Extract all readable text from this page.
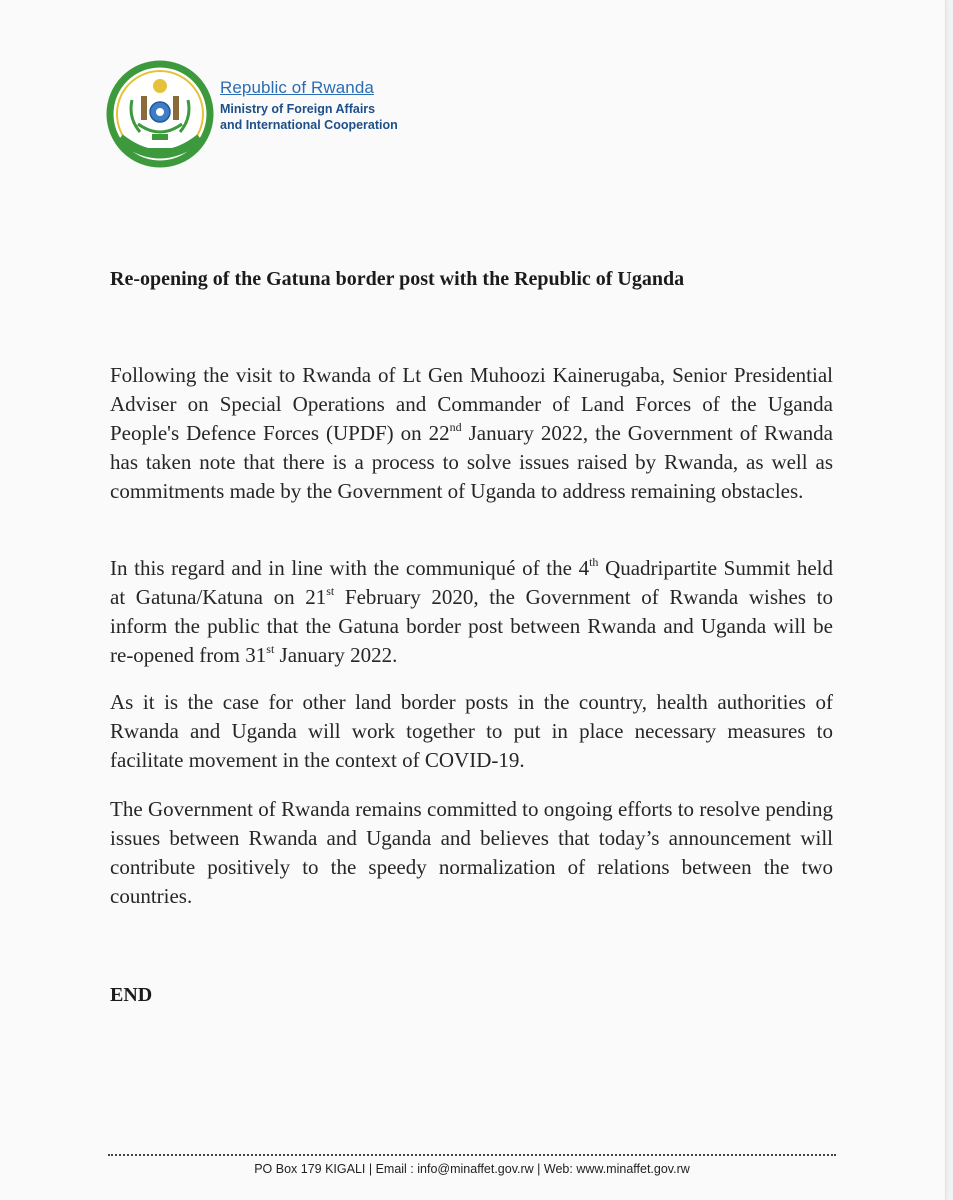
Republic of Rwanda
Ministry of Foreign Affairs
and International Cooperation
Re-opening of the Gatuna border post with the Republic of Uganda

Following the visit to Rwanda of Lt Gen Muhoozi Kainerugaba, Senior Presidential Adviser on Special Operations and Commander of Land Forces of the Uganda People's Defence Forces (UPDF) on 22nd January 2022, the Government of Rwanda has taken note that there is a process to solve issues raised by Rwanda, as well as commitments made by the Government of Uganda to address remaining obstacles.

In this regard and in line with the communiqué of the 4th Quadripartite Summit held at Gatuna/Katuna on 21st February 2020, the Government of Rwanda wishes to inform the public that the Gatuna border post between Rwanda and Uganda will be re-opened from 31st January 2022.

As it is the case for other land border posts in the country, health authorities of Rwanda and Uganda will work together to put in place necessary measures to facilitate movement in the context of COVID-19.

The Government of Rwanda remains committed to ongoing efforts to resolve pending issues between Rwanda and Uganda and believes that today’s announcement will contribute positively to the speedy normalization of relations between the two countries.

END
PO Box 179 KIGALI | Email : info@minaffet.gov.rw | Web: www.minaffet.gov.rw
